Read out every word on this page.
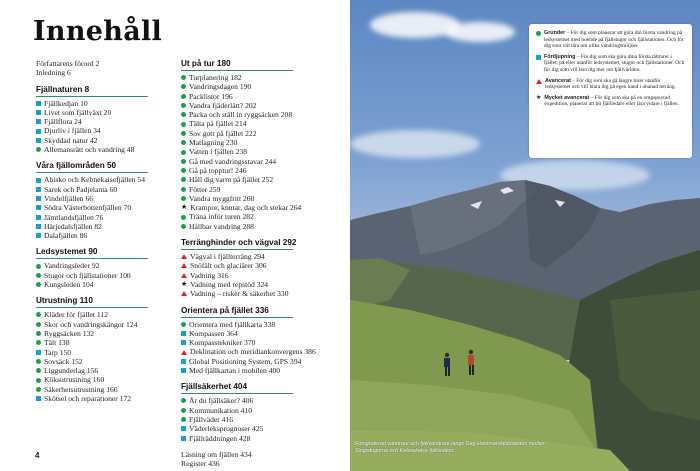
Innehåll
Författarens förord 2
Inledning 6
Fjällnaturen 8
Fjällkedjan 10
Livet som fjällväxt 20
Fjällflora 24
Djurliv i fjällen 34
Skyddad natur 42
Allemansrätt och vandring 48
Våra fjällområden 50
Abisko och Kebnekaisefjällen 54
Sarek och Padjelanta 60
Vindelfjällen 66
Södra Västerbottenfjällen 70
Jämtlandsfjällen 76
Härjedalsfjällen 82
Dalafjällen 86
Ledsystemet 90
Vandringsleder 92
Stugor och fjällstationer 100
Kungsleden 104
Utrustning 110
Kläder för fjället 112
Skor och vandringskängor 124
Ryggsäcken 132
Tält 138
Tarp 150
Sovsäck 152
Liggunderlag 156
Köksutrustning 160
Säkerhetsutrustning 166
Skötsel och reparationer 172
Ut på tur 180
Turplanering 182
Vandringsdagen 190
Packlistor 196
Vandra fjäderlätt? 202
Packa och ställ in ryggsäcken 208
Tälta på fjället 214
Sov gott på fjället 222
Matlagning 230
Vatten i fjällen 238
Gå med vandringsstavar 244
Gå på topptur! 246
Håll dig varm på fjället 252
Fötter 259
Vandra myggfritt 260
★ Krampor, knutar, dag och stekar 264
Träna inför turen 282
Hållbar vandring 288
Terränghinder och vägval 292
Vägval i fjällterräng 294
Snöfält och glaciärer 306
Vadning 316
★ Vadning med repstöd 324
Vadning – risker & säkerhet 330
Orientera på fjället 336
Orientera med fjällkarta 338
Kompassen 364
Kompasstekniker 370
Deklination och meridiankonvergens 386
Global Positioning System, GPS 394
Med fjällkartan i mobilen 400
Fjällsäkerhet 404
Är du fjällsäker? 406
Kommunikation 410
Fjällväder 416
Väderleksprognoser 425
Fjällräddningen 428
Läsning om fjällen 434
Register 436
4
Grunder – För dig som planerar att göra din första vandring på ledsystemet med boende på fjällstugor och fjällstationer. Och för dig som vill lära om olika vandringsmiljöer.
Fördjupning – För dig som ska göra dina första tältturer i fjället, på eller utanför ledsystemet, stugor och fjällstationer. Och för dig som vill lära dig mer om fjällvärlden.
Avancerat – För dig som ska gå längre turer utanför ledsystemet och vill klara dig på egen hand i obanad terräng.
★ Mycket avancerat – För dig som ska på en omgspoytad expedition, planerar att bli fjällledare eller lära vidare i fjällen.
Fotograferad vandrare och fjällvandrare längs Dag Hammarskjöldsleden mellan Singistugorna och Kebnekaise fjällstation.
